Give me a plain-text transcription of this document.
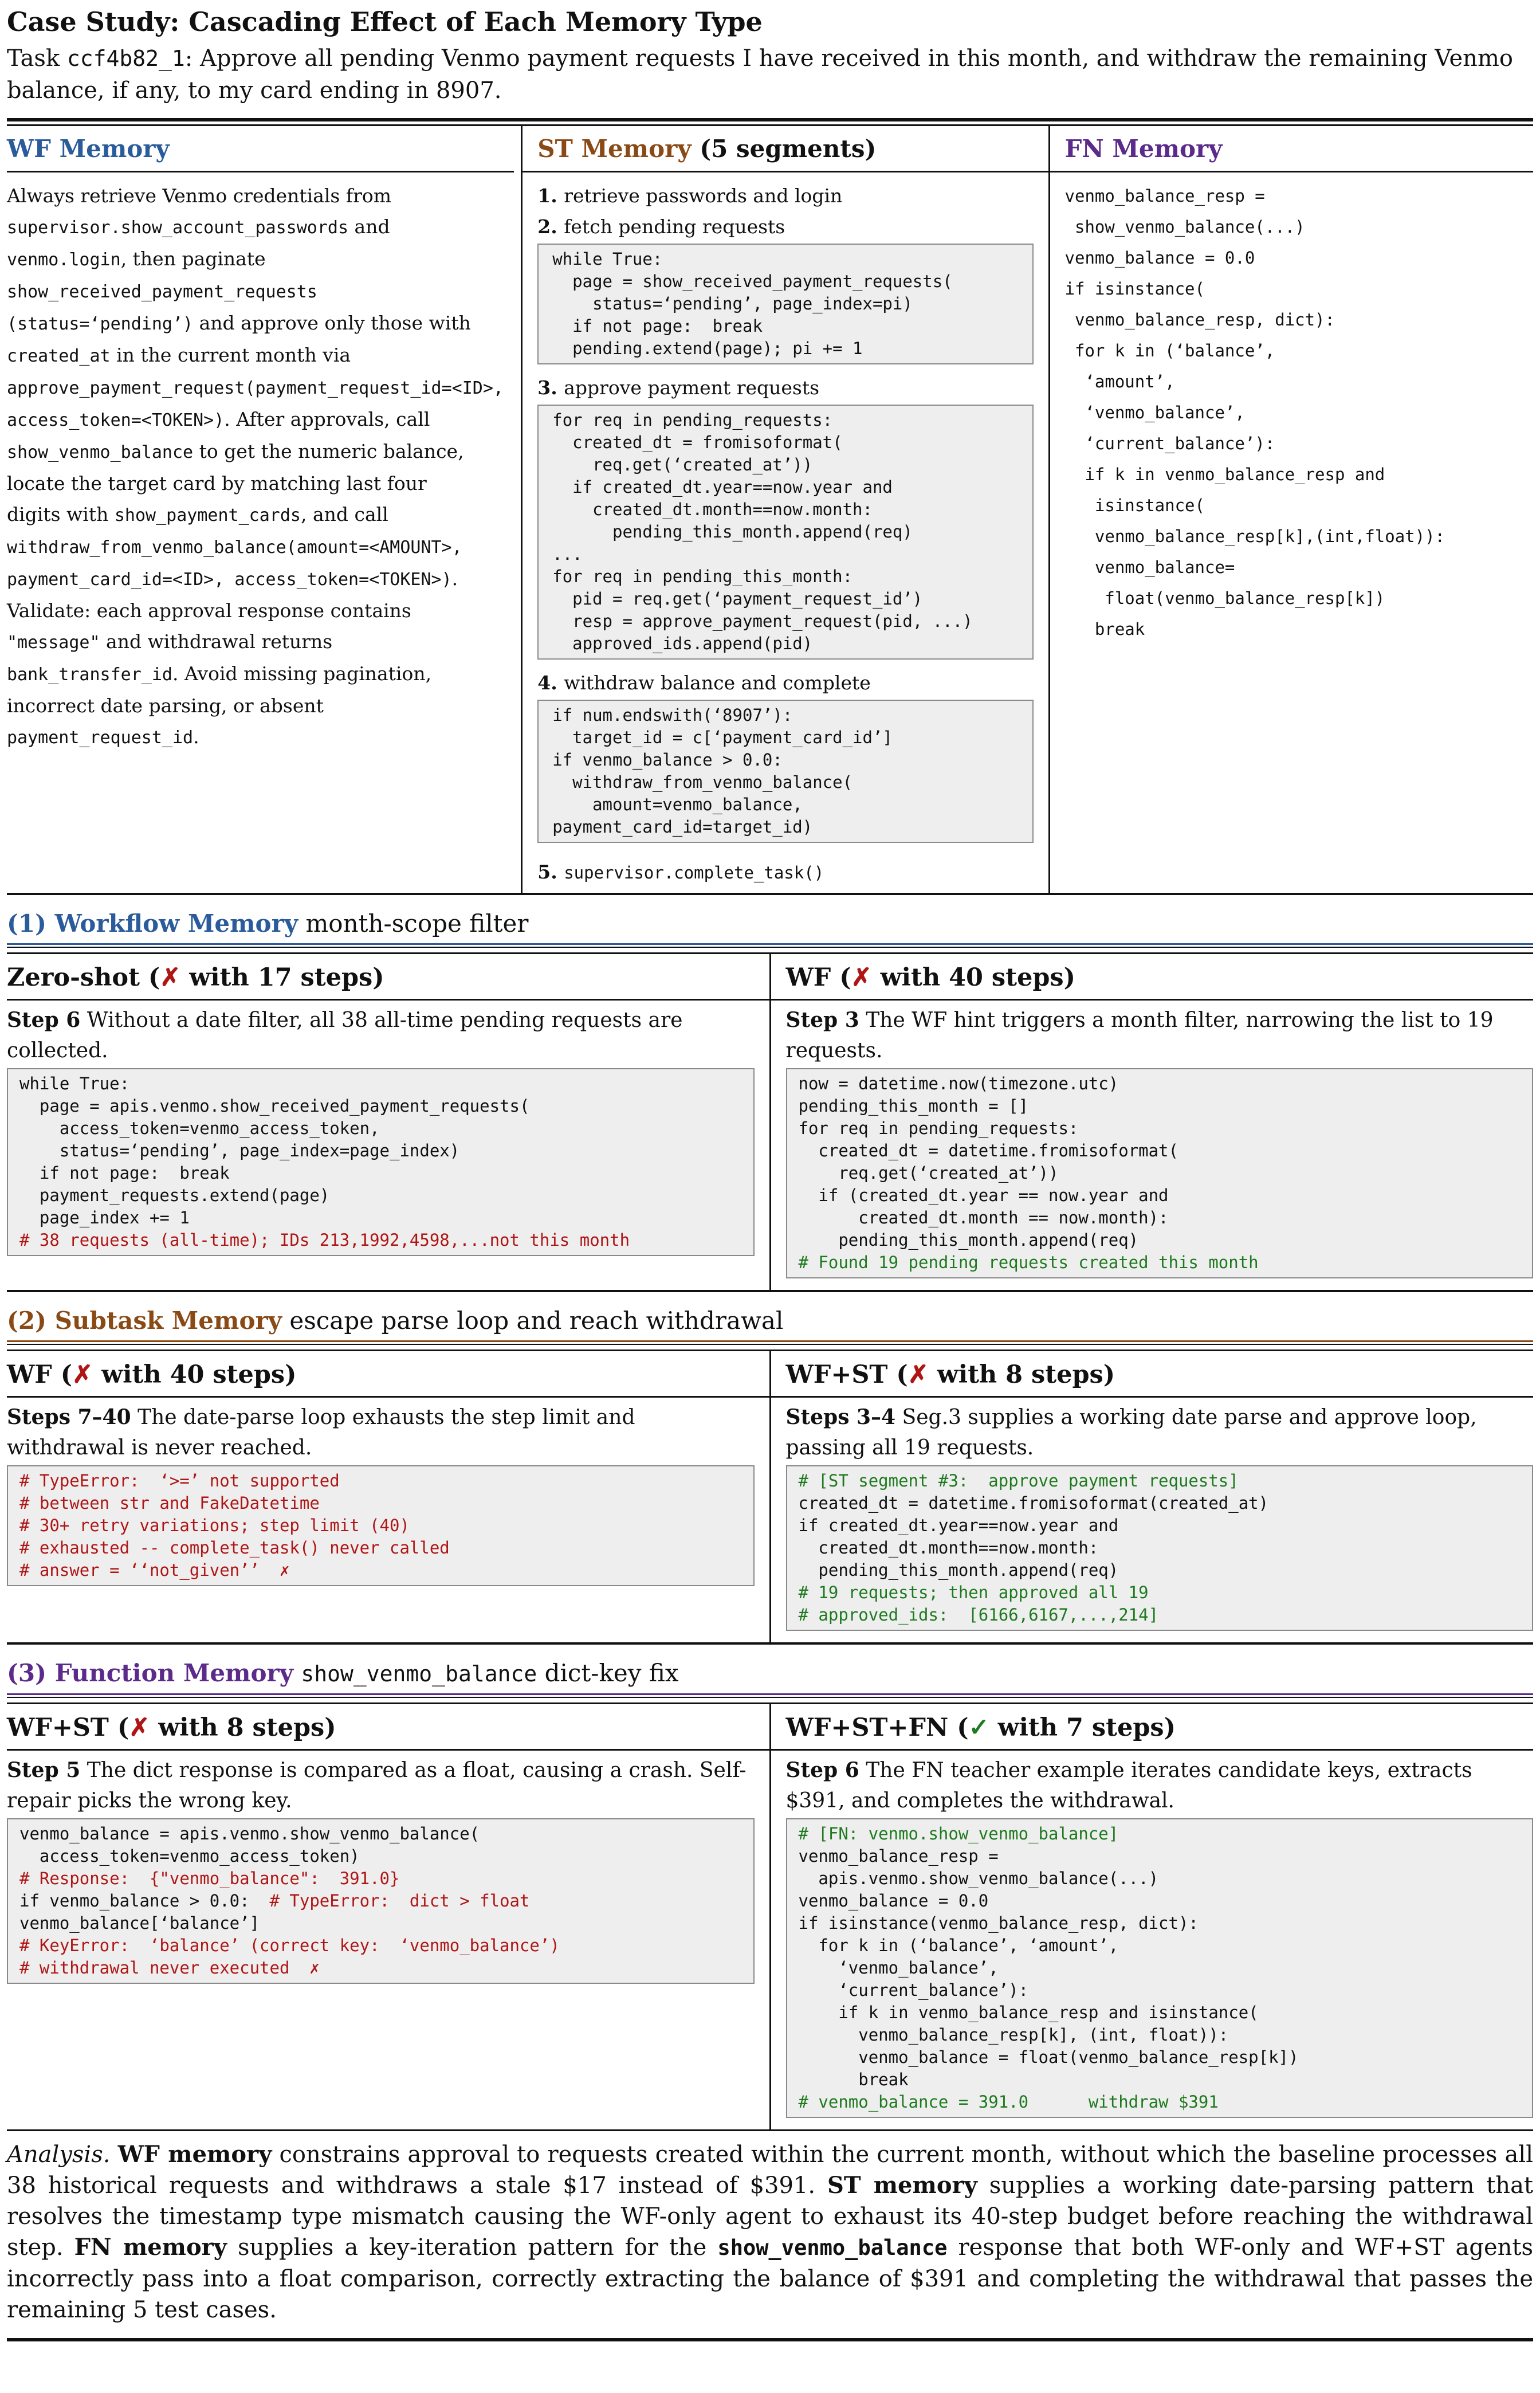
Case Study: Cascading Effect of Each Memory Type
Task ccf4b82_1: Approve all pending Venmo payment requests I have received in this month, and withdraw the remaining Venmo balance, if any, to my card ending in 8907.
WF Memory
Always retrieve Venmo credentials from
supervisor.show_account_passwords and
venmo.login, then paginate
show_received_payment_requests
(status=‘pending’) and approve only those with
created_at in the current month via
approve_payment_request(payment_request_id=<ID>,
access_token=<TOKEN>). After approvals, call
show_venmo_balance to get the numeric balance,
locate the target card by matching last four
digits with show_payment_cards, and call
withdraw_from_venmo_balance(amount=<AMOUNT>,
payment_card_id=<ID>, access_token=<TOKEN>).
Validate: each approval response contains
"message" and withdrawal returns
bank_transfer_id. Avoid missing pagination,
incorrect date parsing, or absent
payment_request_id.
ST Memory
(5 segments)
1. retrieve passwords and login
2. fetch pending requests
while True:
page = show_received_payment_requests(
status=‘pending’, page_index=pi)
if not page:  break
pending.extend(page); pi += 1
3. approve payment requests
for req in pending_requests:
created_dt = fromisoformat(
req.get(‘created_at’))
if created_dt.year==now.year and
created_dt.month==now.month:
pending_this_month.append(req)
...
for req in pending_this_month:
pid = req.get(‘payment_request_id’)
resp = approve_payment_request(pid, ...)
approved_ids.append(pid)
4. withdraw balance and complete
if num.endswith(‘8907’):
target_id = c[‘payment_card_id’]
if venmo_balance > 0.0:
withdraw_from_venmo_balance(
amount=venmo_balance,
payment_card_id=target_id)
5. supervisor.complete_task()
FN Memory
venmo_balance_resp =
show_venmo_balance(...)
venmo_balance = 0.0
if isinstance(
venmo_balance_resp, dict):
for k in (‘balance’,
‘amount’,
‘venmo_balance’,
‘current_balance’):
if k in venmo_balance_resp and
isinstance(
venmo_balance_resp[k],(int,float)):
venmo_balance=
float(venmo_balance_resp[k])
break
(1) Workflow Memory month-scope filter
Zero-shot (✗ with 17 steps)
Step 6 Without a date filter, all 38 all-time pending requests are collected.
while True:
page = apis.venmo.show_received_payment_requests(
access_token=venmo_access_token,
status=‘pending’, page_index=page_index)
if not page:  break
payment_requests.extend(page)
page_index += 1
# 38 requests (all-time); IDs 213,1992,4598,...not this month
WF (✗ with 40 steps)
Step 3 The WF hint triggers a month filter, narrowing the list to 19 requests.
now = datetime.now(timezone.utc)
pending_this_month = []
for req in pending_requests:
created_dt = datetime.fromisoformat(
req.get(‘created_at’))
if (created_dt.year == now.year and
created_dt.month == now.month):
pending_this_month.append(req)
# Found 19 pending requests created this month
(2) Subtask Memory escape parse loop and reach withdrawal
WF (✗ with 40 steps)
Steps 7–40 The date-parse loop exhausts the step limit and withdrawal is never reached.
# TypeError:  ‘>=’ not supported
# between str and FakeDatetime
# 30+ retry variations; step limit (40)
# exhausted -- complete_task() never called
# answer = ‘‘not_given’’  ✗
WF+ST (✗ with 8 steps)
Steps 3–4 Seg.3 supplies a working date parse and approve loop, passing all 19 requests.
# [ST segment #3:  approve payment requests]
created_dt = datetime.fromisoformat(created_at)
if created_dt.year==now.year and
created_dt.month==now.month:
pending_this_month.append(req)
# 19 requests; then approved all 19
# approved_ids:  [6166,6167,...,214]
(3) Function Memory show_venmo_balance dict-key fix
WF+ST (✗ with 8 steps)
Step 5 The dict response is compared as a float, causing a crash. Self-repair picks the wrong key.
venmo_balance = apis.venmo.show_venmo_balance(
access_token=venmo_access_token)
# Response:  {"venmo_balance":  391.0}
if venmo_balance > 0.0:  # TypeError:  dict > float
venmo_balance[‘balance’]
# KeyError:  ‘balance’ (correct key:  ‘venmo_balance’)
# withdrawal never executed  ✗
WF+ST+FN (✓ with 7 steps)
Step 6 The FN teacher example iterates candidate keys, extracts $391, and completes the withdrawal.
# [FN: venmo.show_venmo_balance]
venmo_balance_resp =
apis.venmo.show_venmo_balance(...)
venmo_balance = 0.0
if isinstance(venmo_balance_resp, dict):
for k in (‘balance’, ‘amount’,
‘venmo_balance’,
‘current_balance’):
if k in venmo_balance_resp and isinstance(
venmo_balance_resp[k], (int, float)):
venmo_balance = float(venmo_balance_resp[k])
break
# venmo_balance = 391.0      withdraw $391
Analysis. WF memory constrains approval to requests created within the current month, without which the baseline processes all 38 historical requests and withdraws a stale $17 instead of $391. ST memory supplies a working date-parsing pattern that resolves the timestamp type mismatch causing the WF-only agent to exhaust its 40-step budget before reaching the withdrawal step. FN memory supplies a key-iteration pattern for the show_venmo_balance response that both WF-only and WF+ST agents incorrectly pass into a float comparison, correctly extracting the balance of $391 and completing the withdrawal that passes the remaining 5 test cases.
